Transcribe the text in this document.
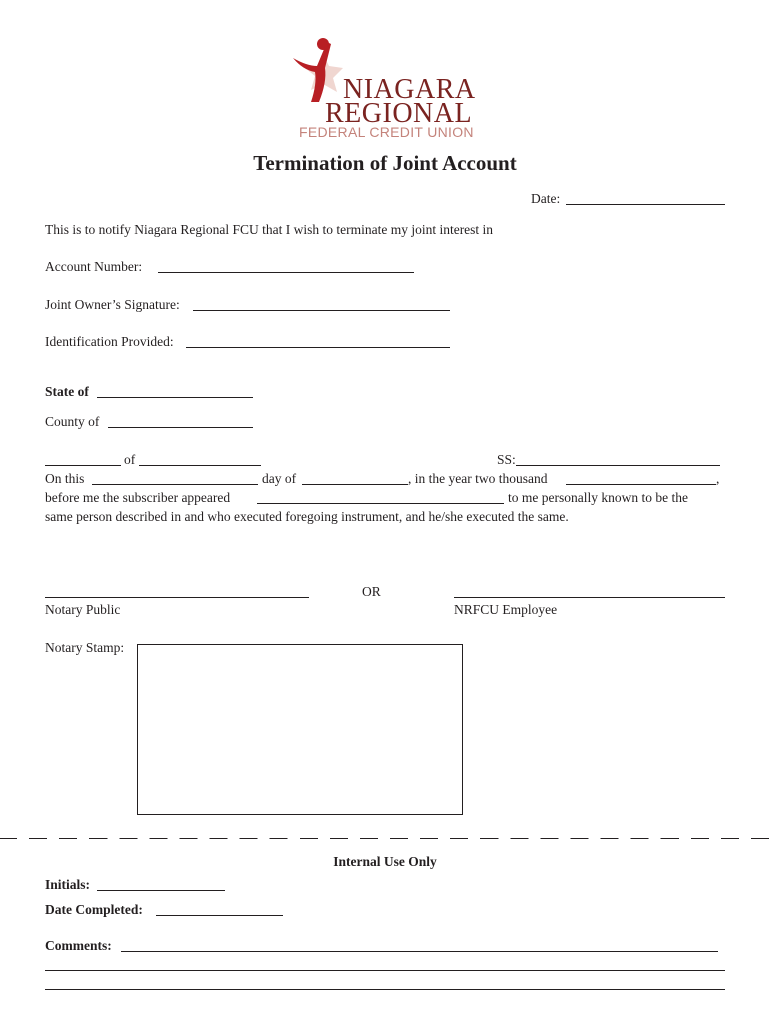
NIAGARA
REGIONAL
FEDERAL CREDIT UNION
Termination of Joint Account
Date:
This is to notify Niagara Regional FCU that I wish to terminate my joint interest in
Account Number:
Joint Owner’s Signature:
Identification Provided:
State of
County of
of	SS:
On this	day of	, in the year two thousand	,
before me the subscriber appeared	to me personally known to be the
same person described in and who executed foregoing instrument, and he/she executed the same.
OR
Notary Public	NRFCU Employee
Notary Stamp:
Internal Use Only
Initials:
Date Completed:
Comments:
